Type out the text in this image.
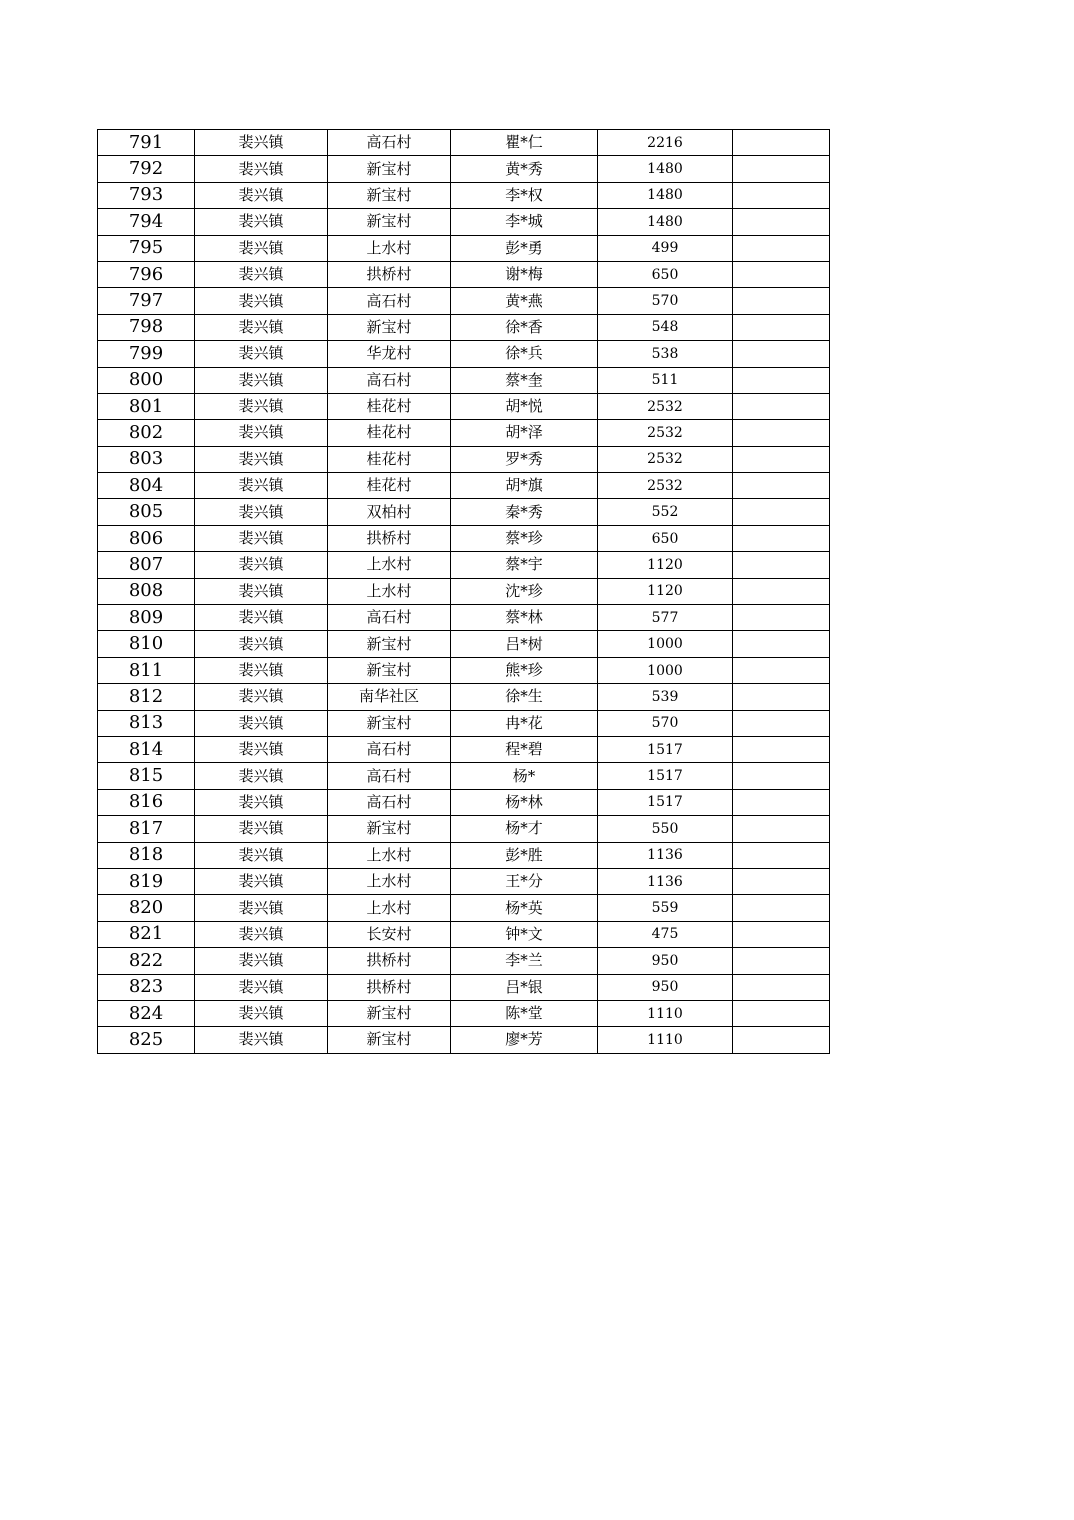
791	裴兴镇	高石村	瞿*仁	2216	
792	裴兴镇	新宝村	黄*秀	1480	
793	裴兴镇	新宝村	李*权	1480	
794	裴兴镇	新宝村	李*城	1480	
795	裴兴镇	上水村	彭*勇	499	
796	裴兴镇	拱桥村	谢*梅	650	
797	裴兴镇	高石村	黄*燕	570	
798	裴兴镇	新宝村	徐*香	548	
799	裴兴镇	华龙村	徐*兵	538	
800	裴兴镇	高石村	蔡*奎	511	
801	裴兴镇	桂花村	胡*悦	2532	
802	裴兴镇	桂花村	胡*泽	2532	
803	裴兴镇	桂花村	罗*秀	2532	
804	裴兴镇	桂花村	胡*旗	2532	
805	裴兴镇	双柏村	秦*秀	552	
806	裴兴镇	拱桥村	蔡*珍	650	
807	裴兴镇	上水村	蔡*宇	1120	
808	裴兴镇	上水村	沈*珍	1120	
809	裴兴镇	高石村	蔡*林	577	
810	裴兴镇	新宝村	吕*树	1000	
811	裴兴镇	新宝村	熊*珍	1000	
812	裴兴镇	南华社区	徐*生	539	
813	裴兴镇	新宝村	冉*花	570	
814	裴兴镇	高石村	程*碧	1517	
815	裴兴镇	高石村	杨*	1517	
816	裴兴镇	高石村	杨*林	1517	
817	裴兴镇	新宝村	杨*才	550	
818	裴兴镇	上水村	彭*胜	1136	
819	裴兴镇	上水村	王*分	1136	
820	裴兴镇	上水村	杨*英	559	
821	裴兴镇	长安村	钟*文	475	
822	裴兴镇	拱桥村	李*兰	950	
823	裴兴镇	拱桥村	吕*银	950	
824	裴兴镇	新宝村	陈*堂	1110	
825	裴兴镇	新宝村	廖*芳	1110	
